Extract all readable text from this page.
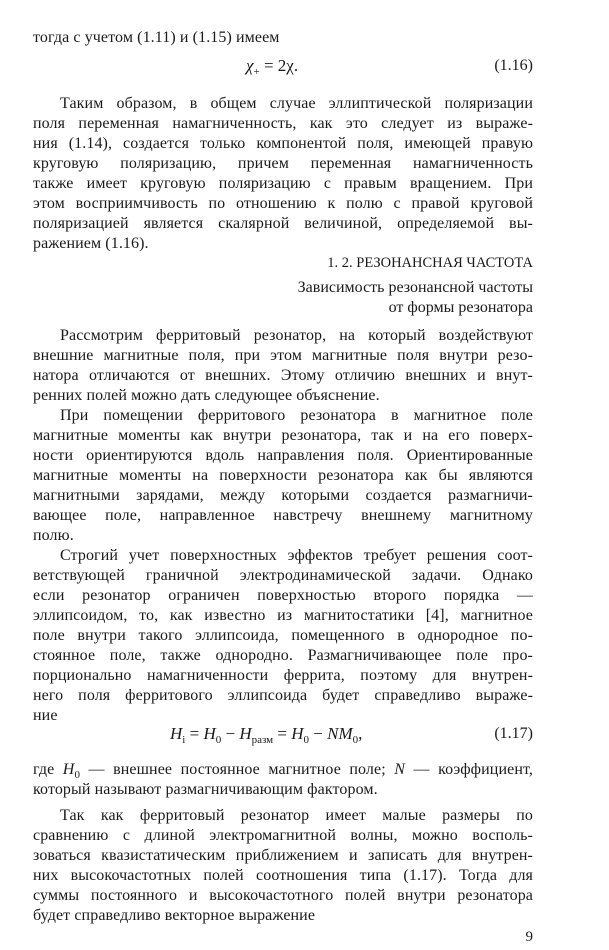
тогда с учетом (1.11) и (1.15) имеем

$\chi_+ = 2\chi$.	(1.16)

Таким образом, в общем случае эллиптической поляризации

поля переменная намагниченность, как это следует из выраже-

ния (1.14), создается только компонентой поля, имеющей правую

круговую поляризацию, причем переменная намагниченность

также имеет круговую поляризацию с правым вращением. При

этом восприимчивость по отношению к полю с правой круговой

поляризацией является скалярной величиной, определяемой вы-

ражением (1.16).

1. 2. РЕЗОНАНСНАЯ ЧАСТОТА
Зависимость резонансной частоты
от формы резонатора

Рассмотрим ферритовый резонатор, на который воздействуют

внешние магнитные поля, при этом магнитные поля внутри резо-

натора отличаются от внешних. Этому отличию внешних и внут-

ренних полей можно дать следующее объяснение.

При помещении ферритового резонатора в магнитное поле

магнитные моменты как внутри резонатора, так и на его поверх-

ности ориентируются вдоль направления поля. Ориентированные

магнитные моменты на поверхности резонатора как бы являются

магнитными зарядами, между которыми создается размагничи-

вающее поле, направленное навстречу внешнему магнитному

полю.

Строгий учет поверхностных эффектов требует решения соот-

ветствующей граничной электродинамической задачи. Однако

если резонатор ограничен поверхностью второго порядка —

эллипсоидом, то, как известно из магнитостатики [4], магнитное

поле внутри такого эллипсоида, помещенного в однородное по-

стоянное поле, также однородно. Размагничивающее поле про-

порционально намагниченности феррита, поэтому для внутрен-

него поля ферритового эллипсоида будет справедливо выраже-

ние

$H_i = H_0 - H_{разм} = H_0 - NM_0$,	(1.17)

где $H_0$ — внешнее постоянное магнитное поле; N — коэффициент,

который называют размагничивающим фактором.

Так как ферритовый резонатор имеет малые размеры по

сравнению с длиной электромагнитной волны, можно восполь-

зоваться квазистатическим приближением и записать для внутрен-

них высокочастотных полей соотношения типа (1.17). Тогда для

суммы постоянного и высокочастотного полей внутри резонатора

будет справедливо векторное выражение

9
